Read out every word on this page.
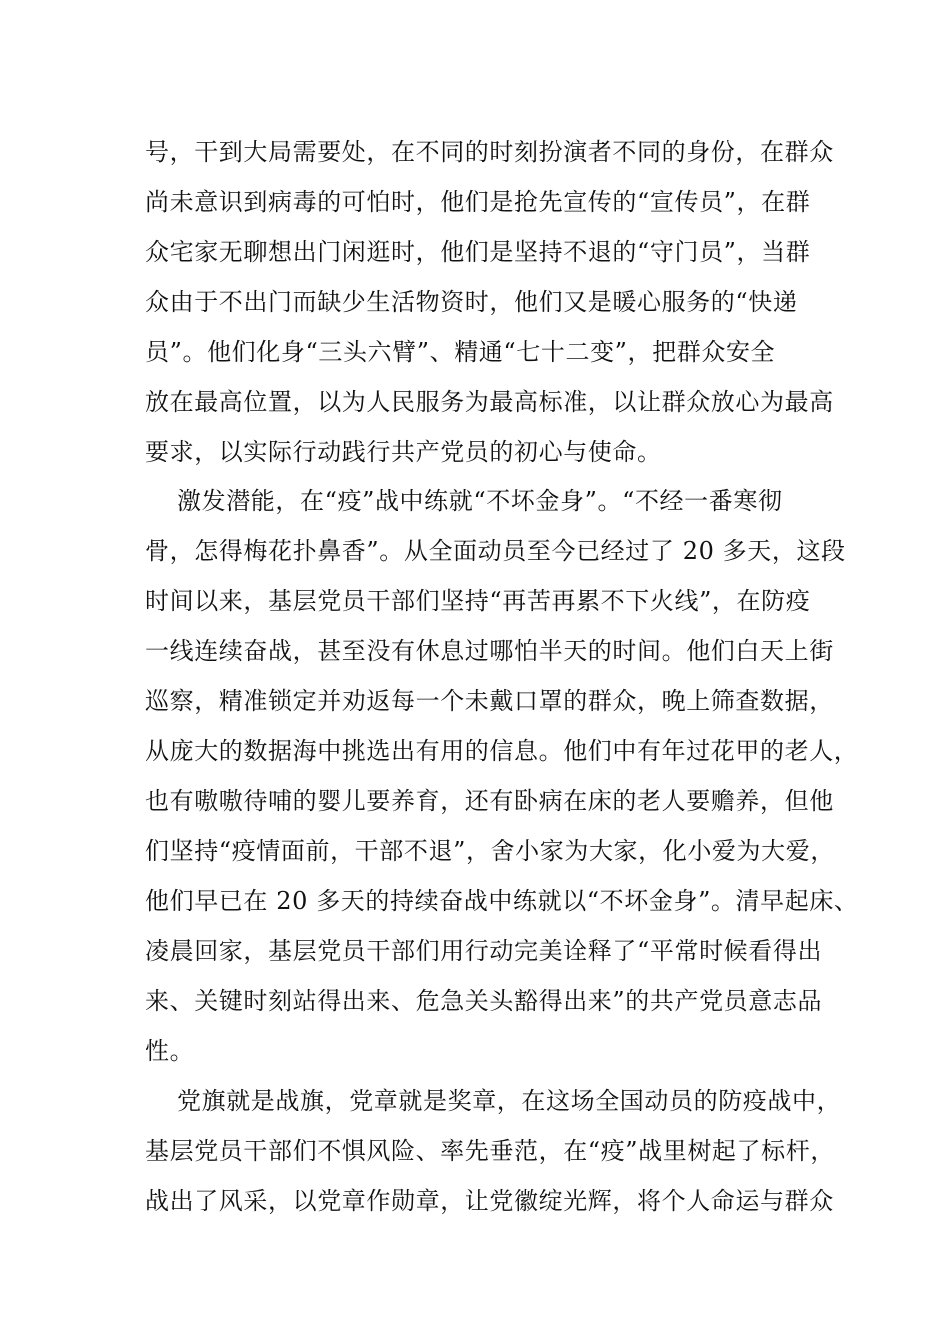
号，干到大局需要处，在不同的时刻扮演者不同的身份，在群众
尚未意识到病毒的可怕时，他们是抢先宣传的“宣传员”，在群
众宅家无聊想出门闲逛时，他们是坚持不退的“守门员”，当群
众由于不出门而缺少生活物资时，他们又是暖心服务的“快递
员”。他们化身“三头六臂”、精通“七十二变”，把群众安全
放在最高位置，以为人民服务为最高标准，以让群众放心为最高
要求，以实际行动践行共产党员的初心与使命。
激发潜能，在“疫”战中练就“不坏金身”。“不经一番寒彻
骨，怎得梅花扑鼻香”。从全面动员至今已经过了 20 多天，这段
时间以来，基层党员干部们坚持“再苦再累不下火线”，在防疫
一线连续奋战，甚至没有休息过哪怕半天的时间。他们白天上街
巡察，精准锁定并劝返每一个未戴口罩的群众，晚上筛查数据，
从庞大的数据海中挑选出有用的信息。他们中有年过花甲的老人，
也有嗷嗷待哺的婴儿要养育，还有卧病在床的老人要赡养，但他
们坚持“疫情面前，干部不退”，舍小家为大家，化小爱为大爱，
他们早已在 20 多天的持续奋战中练就以“不坏金身”。清早起床、
凌晨回家，基层党员干部们用行动完美诠释了“平常时候看得出
来、关键时刻站得出来、危急关头豁得出来”的共产党员意志品
性。
党旗就是战旗，党章就是奖章，在这场全国动员的防疫战中，
基层党员干部们不惧风险、率先垂范，在“疫”战里树起了标杆，
战出了风采，以党章作勋章，让党徽绽光辉，将个人命运与群众
